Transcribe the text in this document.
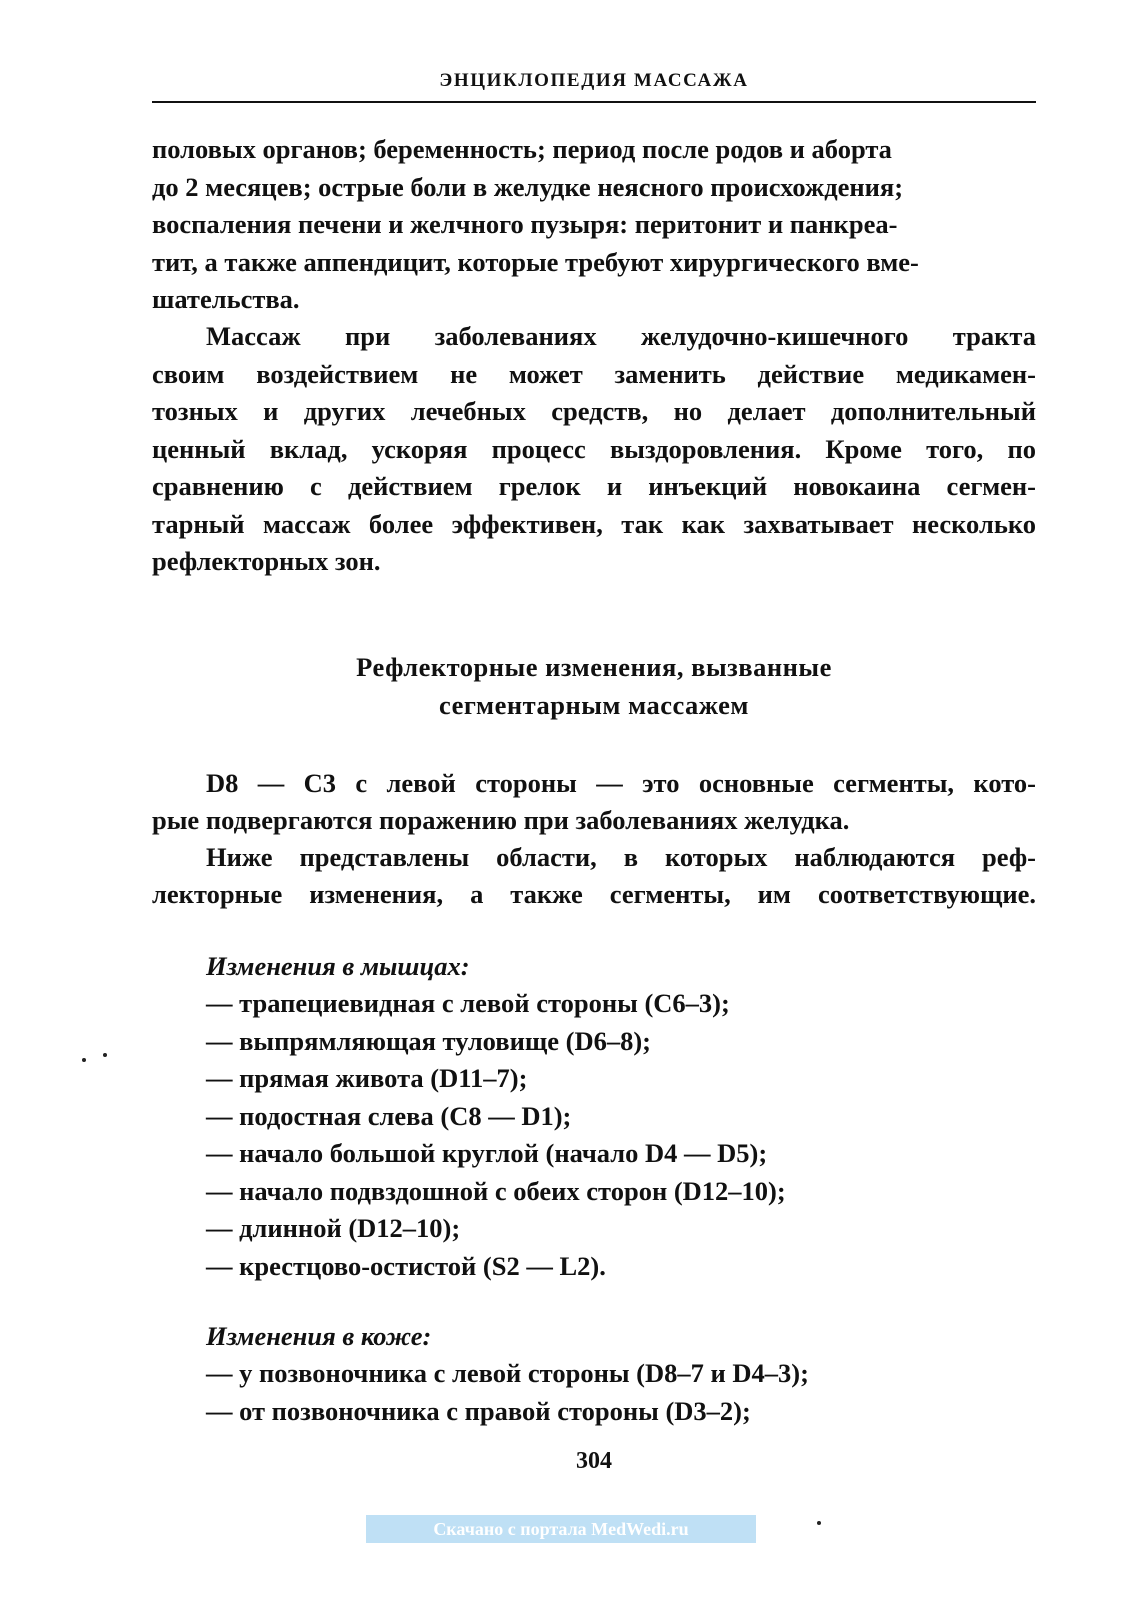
ЭНЦИКЛОПЕДИЯ МАССАЖА
половых органов; беременность; период после родов и аборта
до 2 месяцев; острые боли в желудке неясного происхождения;
воспаления печени и желчного пузыря: перитонит и панкреа-
тит, а также аппендицит, которые требуют хирургического вме-
шательства.
Массаж при заболеваниях желудочно-кишечного тракта
своим воздействием не может заменить действие медикамен-
тозных и других лечебных средств, но делает дополнительный
ценный вклад, ускоряя процесс выздоровления. Кроме того, по
сравнению с действием грелок и инъекций новокаина сегмен-
тарный массаж более эффективен, так как захватывает несколько
рефлекторных зон.
Рефлекторные изменения, вызванные
сегментарным массажем
D8 — C3 с левой стороны — это основные сегменты, кото-
рые подвергаются поражению при заболеваниях желудка.
Ниже представлены области, в которых наблюдаются реф-
лекторные изменения, а также сегменты, им соответствующие.
Изменения в мышцах:
— трапециевидная с левой стороны (C6–3);
— выпрямляющая туловище (D6–8);
— прямая живота (D11–7);
— подостная слева (C8 — D1);
— начало большой круглой (начало D4 — D5);
— начало подвздошной с обеих сторон (D12–10);
— длинной (D12–10);
— крестцово-остистой (S2 — L2).
Изменения в коже:
— у позвоночника с левой стороны (D8–7 и D4–3);
— от позвоночника с правой стороны (D3–2);
304
Скачано с портала MedWedi.ru
